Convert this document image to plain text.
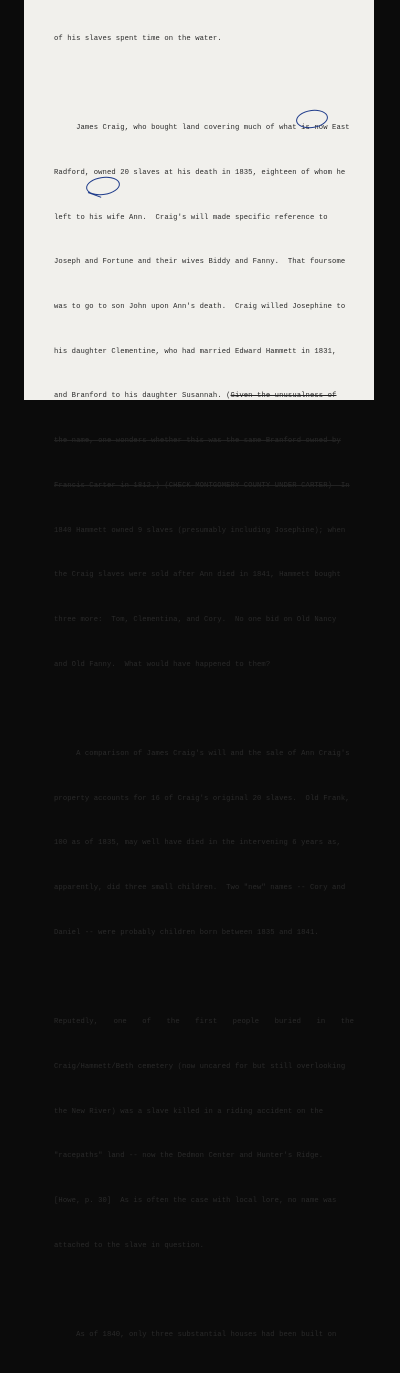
of his slaves spent time on the water.

James Craig, who bought land covering much of what is now East

Radford, owned 20 slaves at his death in 1835, eighteen of whom he

left to his wife Ann.  Craig's will made specific reference to

Joseph and Fortune and their wives Biddy and Fanny.  That foursome

was to go to son John upon Ann's death.  Craig willed Josephine to

his daughter Clementine, who had married Edward Hammett in 1831,

and Branford to his daughter Susannah. (Given the unusualness of

the name, one wonders whether this was the same Branford owned by

Francis Carter in 1812.) (CHECK MONTGOMERY COUNTY UNDER CARTER)  In

1840 Hammett owned 9 slaves (presumably including Josephine); when

the Craig slaves were sold after Ann died in 1841, Hammett bought

three more:  Tom, Clementina, and Cory.  No one bid on Old Nancy

and Old Fanny.  What would have happened to them?

A comparison of James Craig's will and the sale of Ann Craig's

property accounts for 16 of Craig's original 20 slaves.  Old Frank,

100 as of 1835, may well have died in the intervening 6 years as,

apparently, did three small children.  Two "new" names -- Cory and

Daniel -- were probably children born between 1835 and 1841.

Reputedly, one of the first people buried in the

Craig/Hammett/Beth cemetery (now uncared for but still overlooking

the New River) was a slave killed in a riding accident on the

"racepaths" land -- now the Dedmon Center and Hunter's Ridge.

[Howe, p. 30]  As is often the case with local lore, no name was

attached to the slave in question.

As of 1840, only three substantial houses had been built on
